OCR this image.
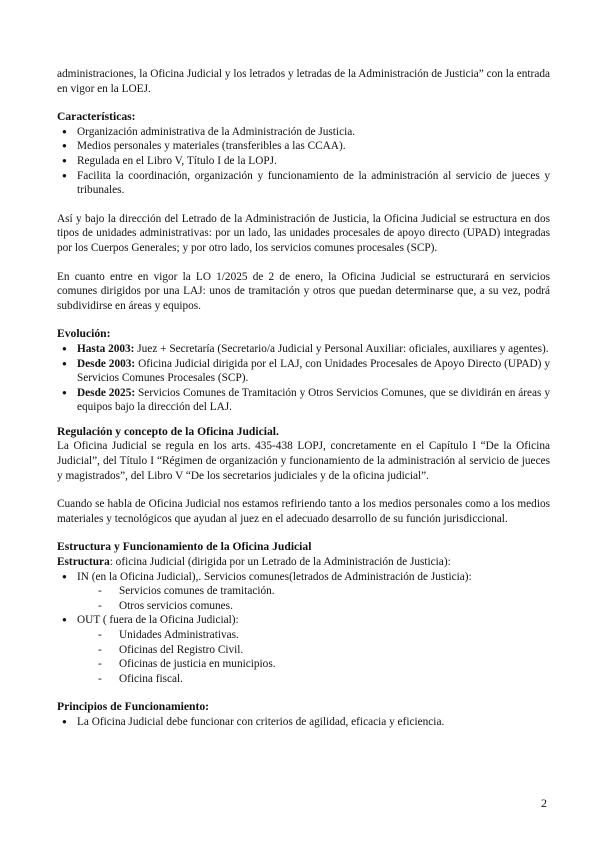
administraciones, la Oficina Judicial y los letrados y letradas de la Administración de Justicia” con la entrada en vigor en la LOEJ.

Características:
● Organización administrativa de la Administración de Justicia.
● Medios personales y materiales (transferibles a las CCAA).
● Regulada en el Libro V, Título I de la LOPJ.
● Facilita la coordinación, organización y funcionamiento de la administración al servicio de jueces y tribunales.

Así y bajo la dirección del Letrado de la Administración de Justicia, la Oficina Judicial se estructura en dos tipos de unidades administrativas: por un lado, las unidades procesales de apoyo directo (UPAD) integradas por los Cuerpos Generales; y por otro lado, los servicios comunes procesales (SCP).

En cuanto entre en vigor la LO 1/2025 de 2 de enero, la Oficina Judicial se estructurará en servicios comunes dirigidos por una LAJ: unos de tramitación y otros que puedan determinarse que, a su vez, podrá subdividirse en áreas y equipos.

Evolución:
● Hasta 2003: Juez + Secretaría (Secretario/a Judicial y Personal Auxiliar: oficiales, auxiliares y agentes).
● Desde 2003: Oficina Judicial dirigida por el LAJ, con Unidades Procesales de Apoyo Directo (UPAD) y Servicios Comunes Procesales (SCP).
● Desde 2025: Servicios Comunes de Tramitación y Otros Servicios Comunes, que se dividirán en áreas y equipos bajo la dirección del LAJ.
Regulación y concepto de la Oficina Judicial.

La Oficina Judicial se regula en los arts. 435-438 LOPJ, concretamente en el Capítulo I “De la Oficina Judicial”, del Título I “Régimen de organización y funcionamiento de la administración al servicio de jueces y magistrados”, del Libro V “De los secretarios judiciales y de la oficina judicial”.

Cuando se habla de Oficina Judicial nos estamos refiriendo tanto a los medios personales como a los medios materiales y tecnológicos que ayudan al juez en el adecuado desarrollo de su función jurisdiccional.

Estructura y Funcionamiento de la Oficina Judicial

Estructura: oficina Judicial (dirigida por un Letrado de la Administración de Justicia):

● IN (en la Oficina Judicial),. Servicios comunes(letrados de Administración de Justicia):
- Servicios comunes de tramitación.
- Otros servicios comunes.
● OUT ( fuera de la Oficina Judicial):
- Unidades Administrativas.
- Oficinas del Registro Civil.
- Oficinas de justicia en municipios.
- Oficina fiscal.
Principios de Funcionamiento:
● La Oficina Judicial debe funcionar con criterios de agilidad, eficacia y eficiencia.
2
